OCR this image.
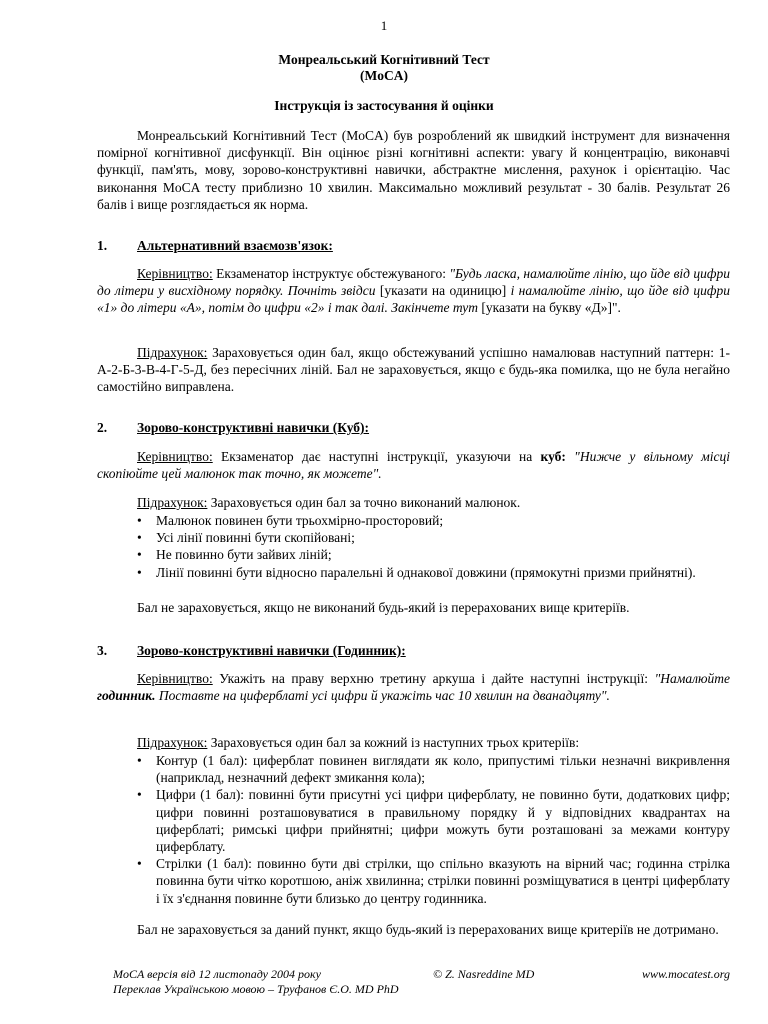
1
Монреальський Когнітивний Тест
(MoCA)
Інструкція із застосування й оцінки
Монреальський Когнітивний Тест (MoCA) був розроблений як швидкий інструмент для визначення помірної когнітивної дисфункції. Він оцінює різні когнітивні аспекти: увагу й концентрацію, виконавчі функції, пам'ять, мову, зорово-конструктивні навички, абстрактне мислення, рахунок і орієнтацію. Час виконання MoCA тесту приблизно 10 хвилин. Максимально можливий результат - 30 балів. Результат 26 балів і вище розглядається як норма.
1. Альтернативний взаємозв'язок:
Керівництво: Екзаменатор інструктує обстежуваного: "Будь ласка, намалюйте лінію, що йде від цифри до літери у висхідному порядку. Почніть звідси [указати на одиницю] і намалюйте лінію, що йде від цифри «1» до літери «А», потім до цифри «2» і так далі. Закінчете тут [указати на букву «Д»]".
Підрахунок: Зараховується один бал, якщо обстежуваний успішно намалював наступний паттерн: 1-А-2-Б-3-В-4-Г-5-Д, без пересічних ліній. Бал не зараховується, якщо є будь-яка помилка, що не була негайно самостійно виправлена.
2. Зорово-конструктивні навички (Куб):
Керівництво: Екзаменатор дає наступні інструкції, указуючи на куб: "Нижче у вільному місці скопіюйте цей малюнок так точно, як можете".
Підрахунок: Зараховується один бал за точно виконаний малюнок.
• Малюнок повинен бути трьохмірно-просторовий;
• Усі лінії повинні бути скопійовані;
• Не повинно бути зайвих ліній;
• Лінії повинні бути відносно паралельні й однакової довжини (прямокутні призми прийнятні).
Бал не зараховується, якщо не виконаний будь-який із перерахованих вище критеріїв.
3. Зорово-конструктивні навички (Годинник):
Керівництво: Укажіть на праву верхню третину аркуша і дайте наступні інструкції: "Намалюйте годинник. Поставте на циферблаті усі цифри й укажіть час 10 хвилин на дванадцяту".
Підрахунок: Зараховується один бал за кожний із наступних трьох критеріїв:
• Контур (1 бал): циферблат повинен виглядати як коло, припустимі тільки незначні викривлення (наприклад, незначний дефект змикання кола);
• Цифри (1 бал): повинні бути присутні усі цифри циферблату, не повинно бути, додаткових цифр; цифри повинні розташовуватися в правильному порядку й у відповідних квадрантах на циферблаті; римські цифри прийнятні; цифри можуть бути розташовані за межами контуру циферблату.
• Стрілки (1 бал): повинно бути дві стрілки, що спільно вказують на вірний час; годинна стрілка повинна бути чітко коротшою, аніж хвилинна; стрілки повинні розміщуватися в центрі циферблату і їх з'єднання повинне бути близько до центру годинника.
Бал не зараховується за даний пункт, якщо будь-який із перерахованих вище критеріїв не дотримано.
MoCA версія від 12 листопаду 2004 року	© Z. Nasreddine MD	www.mocatest.org
Переклав Українською мовою – Труфанов Є.О. MD PhD
